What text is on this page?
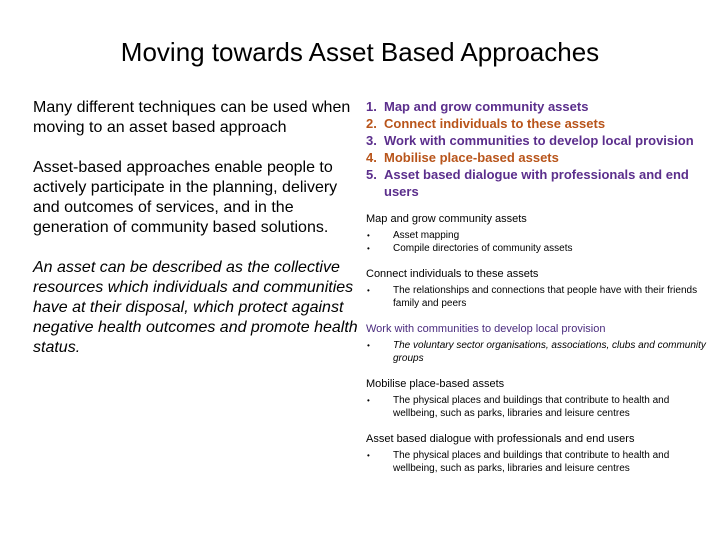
Moving towards Asset Based Approaches

Many different techniques can be used when moving to an asset based approach

Asset-based approaches enable people to actively participate in the planning, delivery and outcomes of services, and in the generation of community based solutions.

An asset can be described as the collective resources which individuals and communities have at their disposal, which protect against negative health outcomes and promote health status.

1. Map and grow community assets
2. Connect individuals to these assets
3. Work with communities to develop local provision
4. Mobilise place-based assets
5. Asset based dialogue with professionals and end users
Map and grow community assets
• Asset mapping
• Compile directories of community assets
Connect individuals to these assets
• The relationships and connections that people have with their friends family and peers
Work with communities to develop local provision
• The voluntary sector organisations, associations, clubs and community groups
Mobilise place-based assets
• The physical places and buildings that contribute to health and wellbeing, such as parks, libraries and leisure centres
Asset based dialogue with professionals and end users
• The physical places and buildings that contribute to health and wellbeing, such as parks, libraries and leisure centres
